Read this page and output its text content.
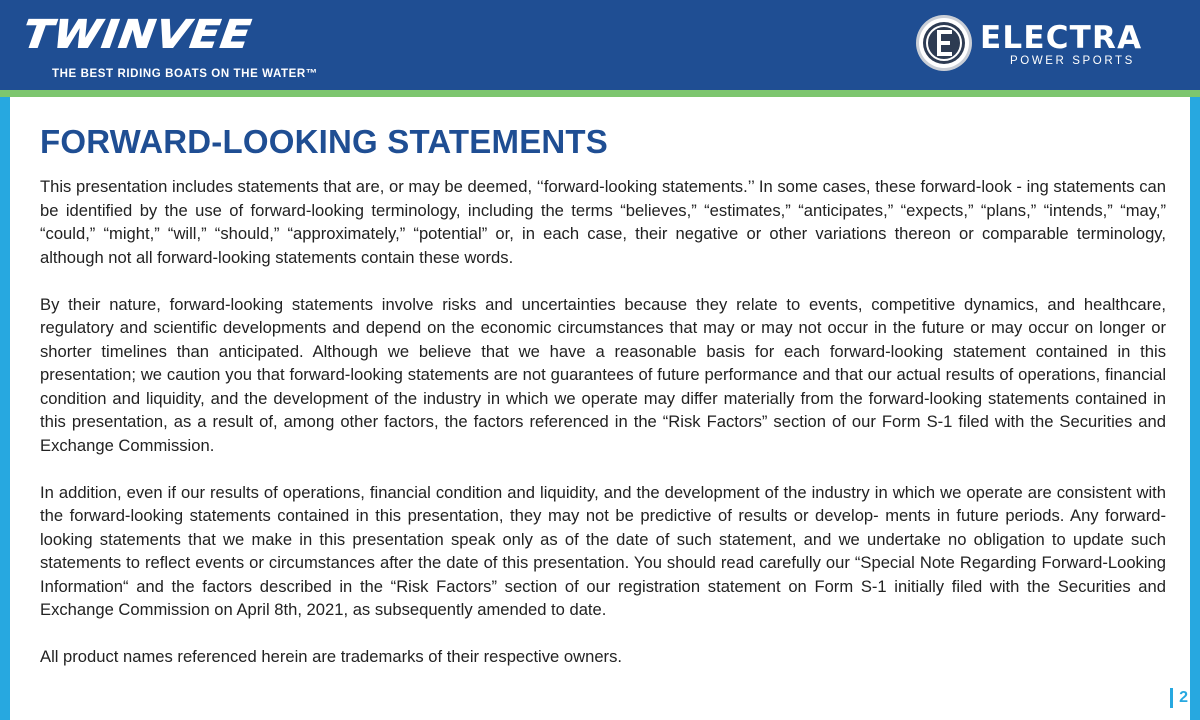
TWINVEE
THE BEST RIDING BOATS ON THE WATER™
ELECTRA
POWER SPORTS
FORWARD-LOOKING STATEMENTS

This presentation includes statements that are, or may be deemed, ‘‘forward-looking statements.’’ In some cases, these forward-look - ing statements can be identified by the use of forward-looking terminology, including the terms “believes,” “estimates,” “anticipates,” “expects,” “plans,” “intends,” “may,” “could,” “might,” “will,” “should,” “approximately,” “potential” or, in each case, their negative or other variations thereon or comparable terminology, although not all forward-looking statements contain these words.

By their nature, forward-looking statements involve risks and uncertainties because they relate to events, competitive dynamics, and healthcare, regulatory and scientific developments and depend on the economic circumstances that may or may not occur in the future or may occur on longer or shorter timelines than anticipated. Although we believe that we have a reasonable basis for each forward-looking statement contained in this presentation; we caution you that forward-looking statements are not guarantees of future performance and that our actual results of operations, financial condition and liquidity, and the development of the industry in which we operate may differ materially from the forward-looking statements contained in this presentation, as a result of, among other factors, the factors referenced in the “Risk Factors” section of our Form S-1 filed with the Securities and Exchange Commission.

In addition, even if our results of operations, financial condition and liquidity, and the development of the industry in which we operate are consistent with the forward-looking statements contained in this presentation, they may not be predictive of results or develop- ments in future periods. Any forward-looking statements that we make in this presentation speak only as of the date of such statement, and we undertake no obligation to update such statements to reflect events or circumstances after the date of this presentation. You should read carefully our “Special Note Regarding Forward-Looking Information“ and the factors described in the “Risk Factors” section of our registration statement on Form S-1 initially filed with the Securities and Exchange Commission on April 8th, 2021, as subsequently amended to date.

All product names referenced herein are trademarks of their respective owners.

2
